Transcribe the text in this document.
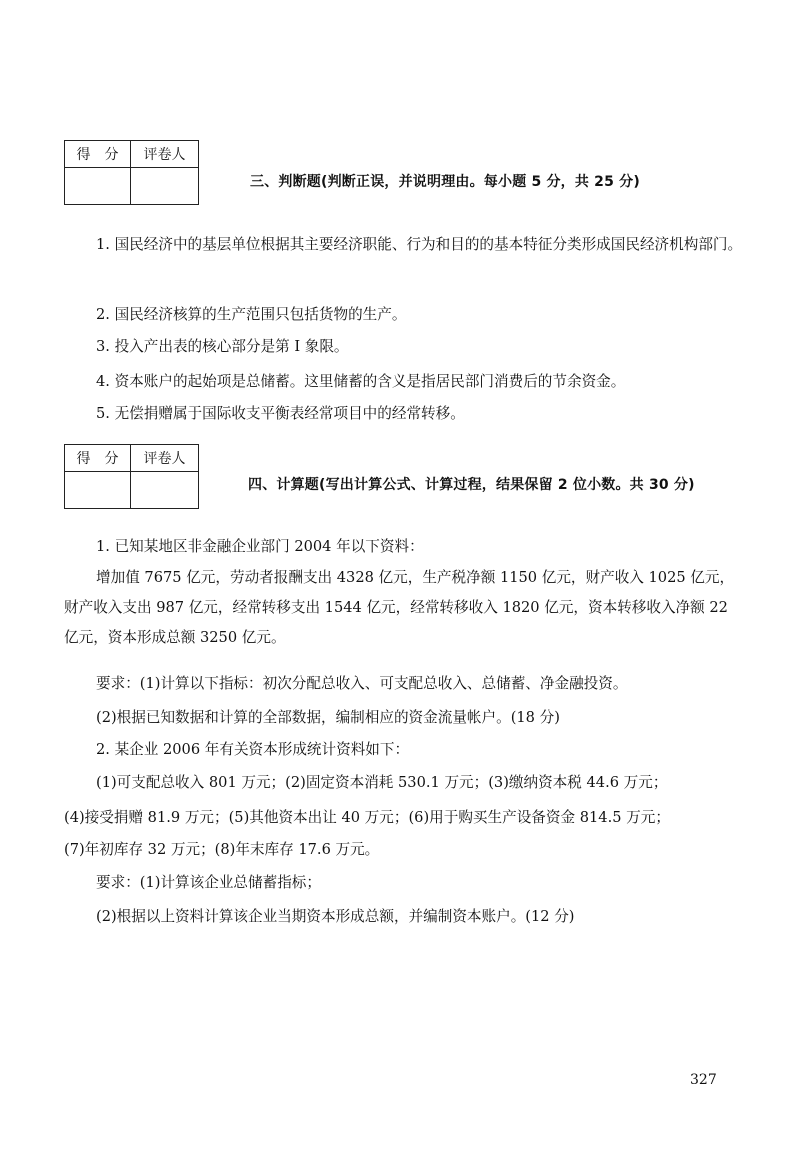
得　分	评卷人

三、判断题(判断正误，并说明理由。每小题 5 分，共 25 分)

1. 国民经济中的基层单位根据其主要经济职能、行为和目的的基本特征分类形成国民经济机构部门。

2. 国民经济核算的生产范围只包括货物的生产。
3. 投入产出表的核心部分是第 I 象限。
4. 资本账户的起始项是总储蓄。这里储蓄的含义是指居民部门消费后的节余资金。
5. 无偿捐赠属于国际收支平衡表经常项目中的经常转移。
得　分	评卷人

四、计算题(写出计算公式、计算过程，结果保留 2 位小数。共 30 分)
1. 已知某地区非金融企业部门 2004 年以下资料：

增加值 7675 亿元，劳动者报酬支出 4328 亿元，生产税净额 1150 亿元，财产收入 1025 亿元，财产收入支出 987 亿元，经常转移支出 1544 亿元，经常转移收入 1820 亿元，资本转移收入净额 22 亿元，资本形成总额 3250 亿元。

要求：(1)计算以下指标：初次分配总收入、可支配总收入、总储蓄、净金融投资。
(2)根据已知数据和计算的全部数据，编制相应的资金流量帐户。(18 分)
2. 某企业 2006 年有关资本形成统计资料如下：
(1)可支配总收入 801 万元；(2)固定资本消耗 530.1 万元；(3)缴纳资本税 44.6 万元；
(4)接受捐赠 81.9 万元；(5)其他资本出让 40 万元；(6)用于购买生产设备资金 814.5 万元；
(7)年初库存 32 万元；(8)年末库存 17.6 万元。
要求：(1)计算该企业总储蓄指标；
(2)根据以上资料计算该企业当期资本形成总额，并编制资本账户。(12 分)
327
